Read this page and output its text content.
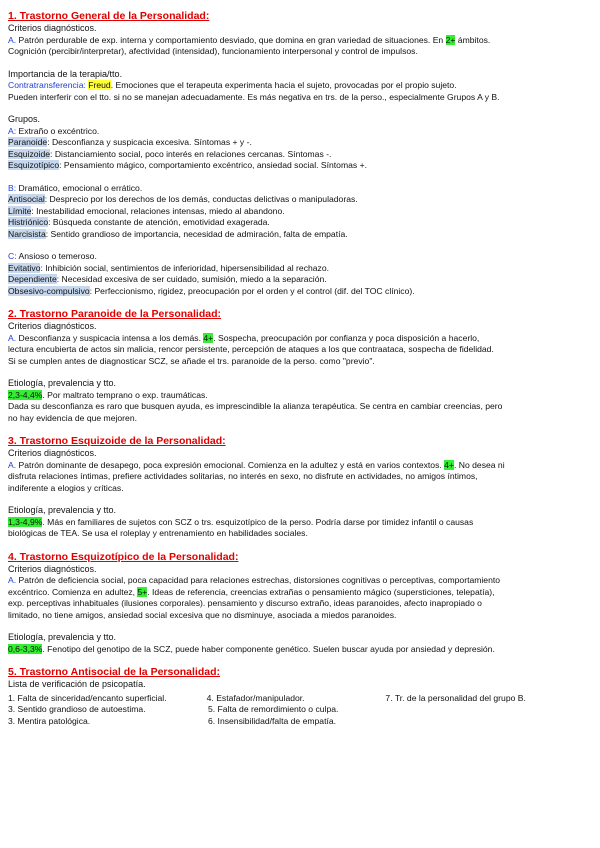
1. Trastorno General de la Personalidad:

Criterios diagnósticos.

A. Patrón perdurable de exp. interna y comportamiento desviado, que domina en gran variedad de situaciones. En 2+ ámbitos.

Cognición (percibir/interpretar), afectividad (intensidad), funcionamiento interpersonal y control de impulsos.

Importancia de la terapia/tto.

Contratransferencia: Freud. Emociones que el terapeuta experimenta hacia el sujeto, provocadas por el propio sujeto.

Pueden interferir con el tto. si no se manejan adecuadamente. Es más negativa en trs. de la perso., especialmente Grupos A y B.

Grupos.

A: Extraño o excéntrico.

Paranoide: Desconfianza y suspicacia excesiva. Síntomas + y -.

Esquizoide: Distanciamiento social, poco interés en relaciones cercanas. Síntomas -.

Esquizotípico: Pensamiento mágico, comportamiento excéntrico, ansiedad social. Síntomas +.

B: Dramático, emocional o errático.

Antisocial: Desprecio por los derechos de los demás, conductas delictivas o manipuladoras.

Límite: Inestabilidad emocional, relaciones intensas, miedo al abandono.

Histriónico: Búsqueda constante de atención, emotividad exagerada.

Narcisista: Sentido grandioso de importancia, necesidad de admiración, falta de empatía.

C: Ansioso o temeroso.

Evitativo: Inhibición social, sentimientos de inferioridad, hipersensibilidad al rechazo.

Dependiente: Necesidad excesiva de ser cuidado, sumisión, miedo a la separación.

Obsesivo-compulsivo: Perfeccionismo, rigidez, preocupación por el orden y el control (dif. del TOC clínico).

2. Trastorno Paranoide de la Personalidad:

Criterios diagnósticos.

A. Desconfianza y suspicacia intensa a los demás. 4+. Sospecha, preocupación por confianza y poca disposición a hacerlo,

lectura encubierta de actos sin malicia, rencor persistente, percepción de ataques a los que contraataca, sospecha de fidelidad.

Si se cumplen antes de diagnosticar SCZ, se añade el trs. paranoide de la perso. como "previo".

Etiología, prevalencia y tto.

2,3-4,4%. Por maltrato temprano o exp. traumáticas.

Dada su desconfianza es raro que busquen ayuda, es imprescindible la alianza terapéutica. Se centra en cambiar creencias, pero

no hay evidencia de que mejoren.

3. Trastorno Esquizoide de la Personalidad:

Criterios diagnósticos.

A. Patrón dominante de desapego, poca expresión emocional. Comienza en la adultez y está en varios contextos. 4+. No desea ni

disfruta relaciones íntimas, prefiere actividades solitarias, no interés en sexo, no disfrute en actividades, no amigos íntimos,

indiferente a elogios y críticas.

Etiología, prevalencia y tto.

1,3-4,9%. Más en familiares de sujetos con SCZ o trs. esquizotípico de la perso. Podría darse por timidez infantil o causas

biológicas de TEA. Se usa el roleplay y entrenamiento en habilidades sociales.

4. Trastorno Esquizotípico de la Personalidad:

Criterios diagnósticos.

A. Patrón de deficiencia social, poca capacidad para relaciones estrechas, distorsiones cognitivas o perceptivas, comportamiento

excéntrico. Comienza en adultez, 5+. Ideas de referencia, creencias extrañas o pensamiento mágico (supersticiones, telepatía),

exp. perceptivas inhabituales (ilusiones corporales). pensamiento y discurso extraño, ideas paranoides, afecto inapropiado o

limitado, no tiene amigos, ansiedad social excesiva que no disminuye, asociada a miedos paranoides.

Etiología, prevalencia y tto.

0,6-3,3%. Fenotipo del genotipo de la SCZ, puede haber componente genético. Suelen buscar ayuda por ansiedad y depresión.

5. Trastorno Antisocial de la Personalidad:

Lista de verificación de psicopatía.

1. Falta de sinceridad/encanto superficial.	4. Estafador/manipulador.	7. Tr. de la personalidad del grupo B.
3. Sentido grandioso de autoestima.	5. Falta de remordimiento o culpa.
3. Mentira patológica.	6. Insensibilidad/falta de empatía.
